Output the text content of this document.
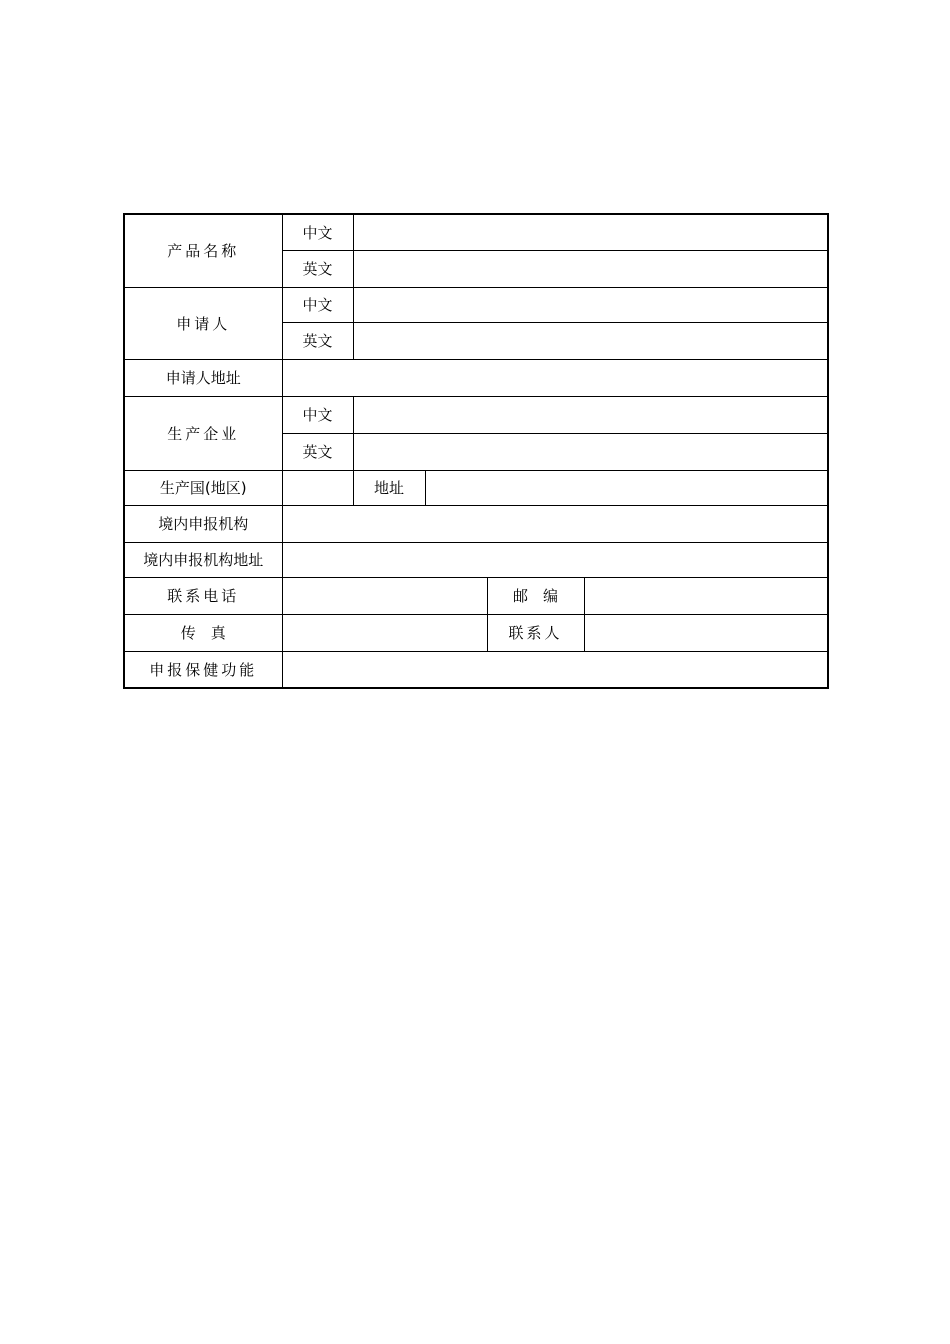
产品名称	中文				
	英文				
申请人	中文				
	英文				
申请人地址					
生产企业	中文				
	英文				
生产国(地区)		地址			
境内申报机构					
境内申报机构地址					
联系电话				邮　编	
传　真				联系人	
申报保健功能					
